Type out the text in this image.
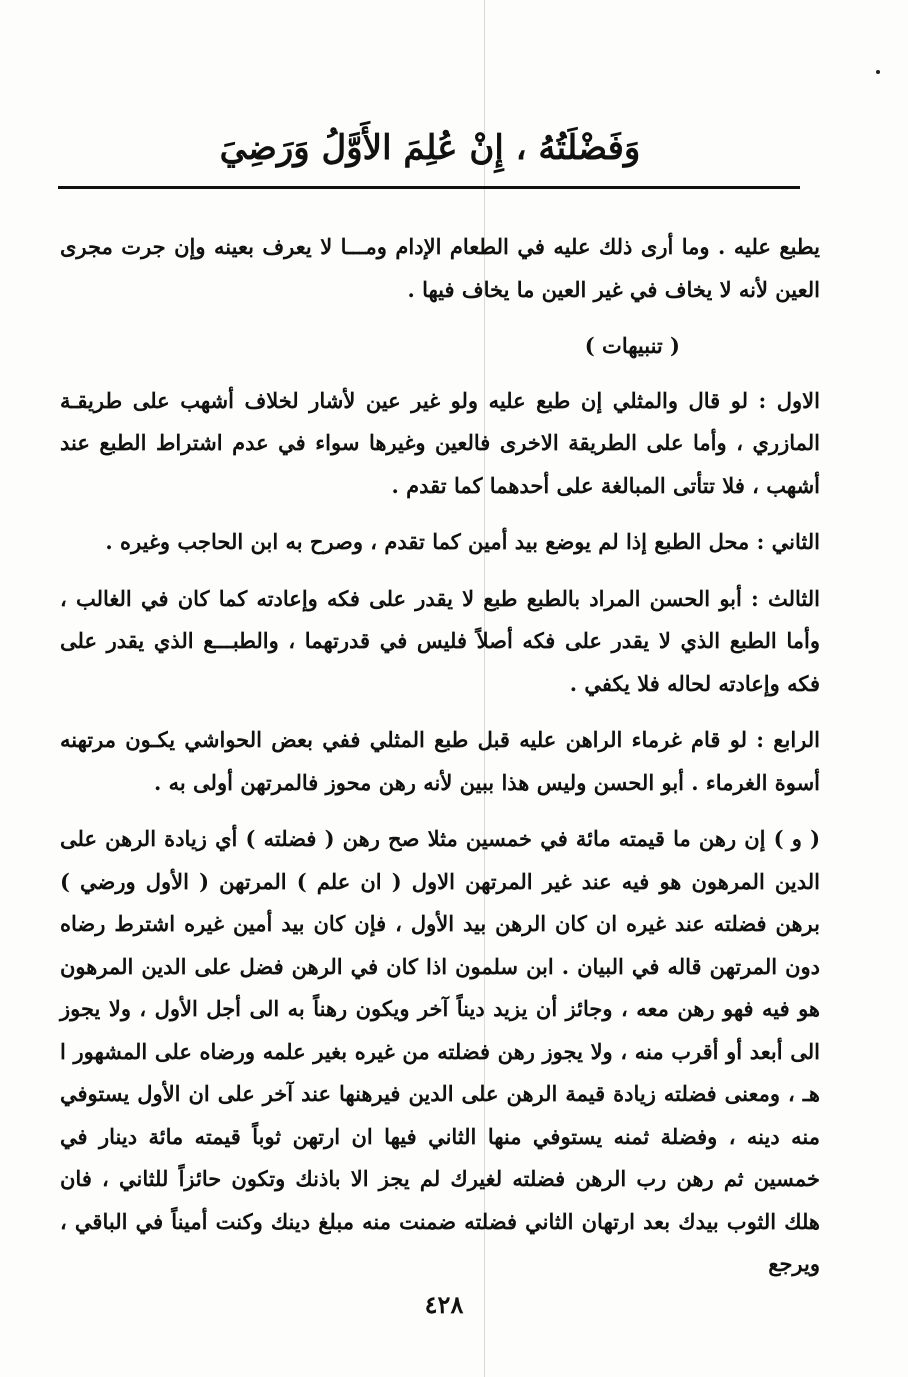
وَفَضْلَتُهُ ، إِنْ عُلِمَ الأَوَّلُ وَرَضِيَ

يطبع عليه . وما أرى ذلك عليه في الطعام الإدام ومـــا لا يعرف بعينه وإن جرت مجرى العين لأنه لا يخاف في غير العين ما يخاف فيها .

( تنبيهات )

الاول : لو قال والمثلي إن طبع عليه ولو غير عين لأشار لخلاف أشهب على طريقـة المازري ، وأما على الطريقة الاخرى فالعين وغيرها سواء في عدم اشتراط الطبع عند أشهب ، فلا تتأتى المبالغة على أحدهما كما تقدم .

الثاني : محل الطبع إذا لم يوضع بيد أمين كما تقدم ، وصرح به ابن الحاجب وغيره .

الثالث : أبو الحسن المراد بالطبع طبع لا يقدر على فكه وإعادته كما كان في الغالب ، وأما الطبع الذي لا يقدر على فكه أصلاً فليس في قدرتهما ، والطبـــع الذي يقدر على فكه وإعادته لحاله فلا يكفي .

الرابع : لو قام غرماء الراهن عليه قبل طبع المثلي ففي بعض الحواشي يكـون مرتهنه أسوة الغرماء . أبو الحسن وليس هذا ببين لأنه رهن محوز فالمرتهن أولى به .

( و ) إن رهن ما قيمته مائة في خمسين مثلا صح رهن ( فضلته ) أي زيادة الرهن على الدين المرهون هو فيه عند غير المرتهن الاول ( ان علم ) المرتهن ( الأول ورضي ) برهن فضلته عند غيره ان كان الرهن بيد الأول ، فإن كان بيد أمين غيره اشترط رضاه دون المرتهن قاله في البيان . ابن سلمون اذا كان في الرهن فضل على الدين المرهون هو فيه فهو رهن معه ، وجائز أن يزيد ديناً آخر ويكون رهناً به الى أجل الأول ، ولا يجوز الى أبعد أو أقرب منه ، ولا يجوز رهن فضلته من غيره بغير علمه ورضاه على المشهور ا هـ ، ومعنى فضلته زيادة قيمة الرهن على الدين فيرهنها عند آخر على ان الأول يستوفي منه دينه ، وفضلة ثمنه يستوفي منها الثاني فيها ان ارتهن ثوباً قيمته مائة دينار في خمسين ثم رهن رب الرهن فضلته لغيرك لم يجز الا باذنك وتكون حائزاً للثاني ، فان هلك الثوب بيدك بعد ارتهان الثاني فضلته ضمنت منه مبلغ دينك وكنت أميناً في الباقي ، ويرجع

٤٢٨
